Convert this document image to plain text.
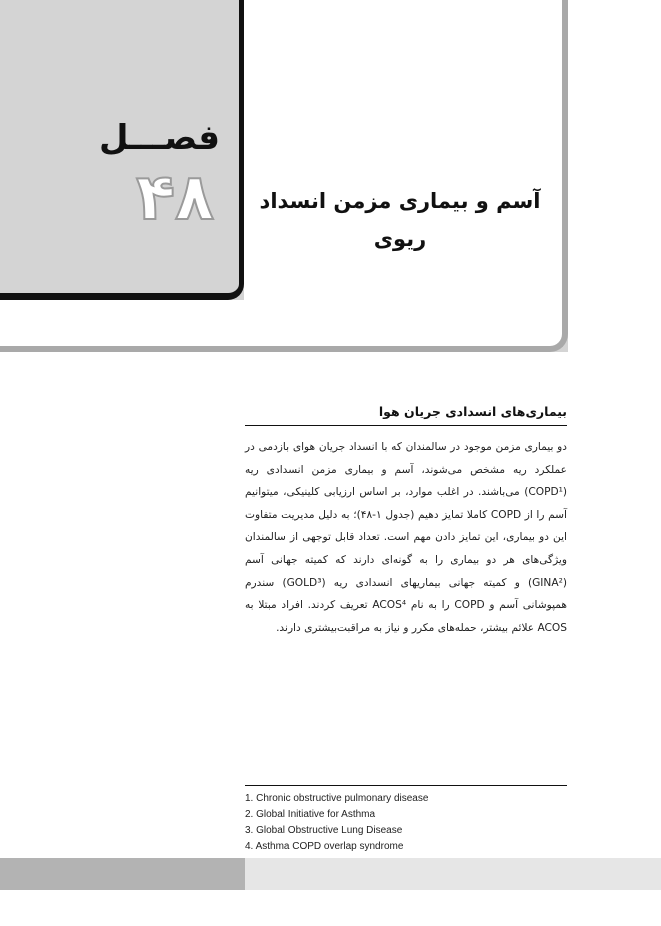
فصـــل
۴۸	آسم و بیماری مزمن انسداد
ریوی
بیماری‌های انسدادی جریان هوا
دو بیماری مزمن موجود در سالمندان که با انسداد جریان هوای بازدمی در عملکرد ریه مشخص می‌شوند، آسم و بیماری مزمن انسدادی ریه (COPD¹) می‌باشند. در اغلب موارد، بر اساس ارزیابی کلینیکی، میتوانیم آسم را از COPD کاملا تمایز دهیم (جدول ۱-۴۸)؛ به دلیل مدیریت متفاوت این دو بیماری، این تمایز دادن مهم است. تعداد قابل توجهی از سالمندان ویژگی‌های هر دو بیماری را به گونه‌ای دارند که کمیته جهانی آسم (GINA²) و کمیته جهانی بیماریهای انسدادی ریه (GOLD³) سندرم همپوشانی آسم و COPD را به نام ACOS⁴ تعریف کردند. افراد مبتلا به ACOS علائم بیشتر، حمله‌های مکرر و نیاز به مراقبت‌بیشتری دارند.
1. Chronic obstructive pulmonary disease
2. Global Initiative for Asthma
3. Global Obstructive Lung Disease
4. Asthma COPD overlap syndrome
